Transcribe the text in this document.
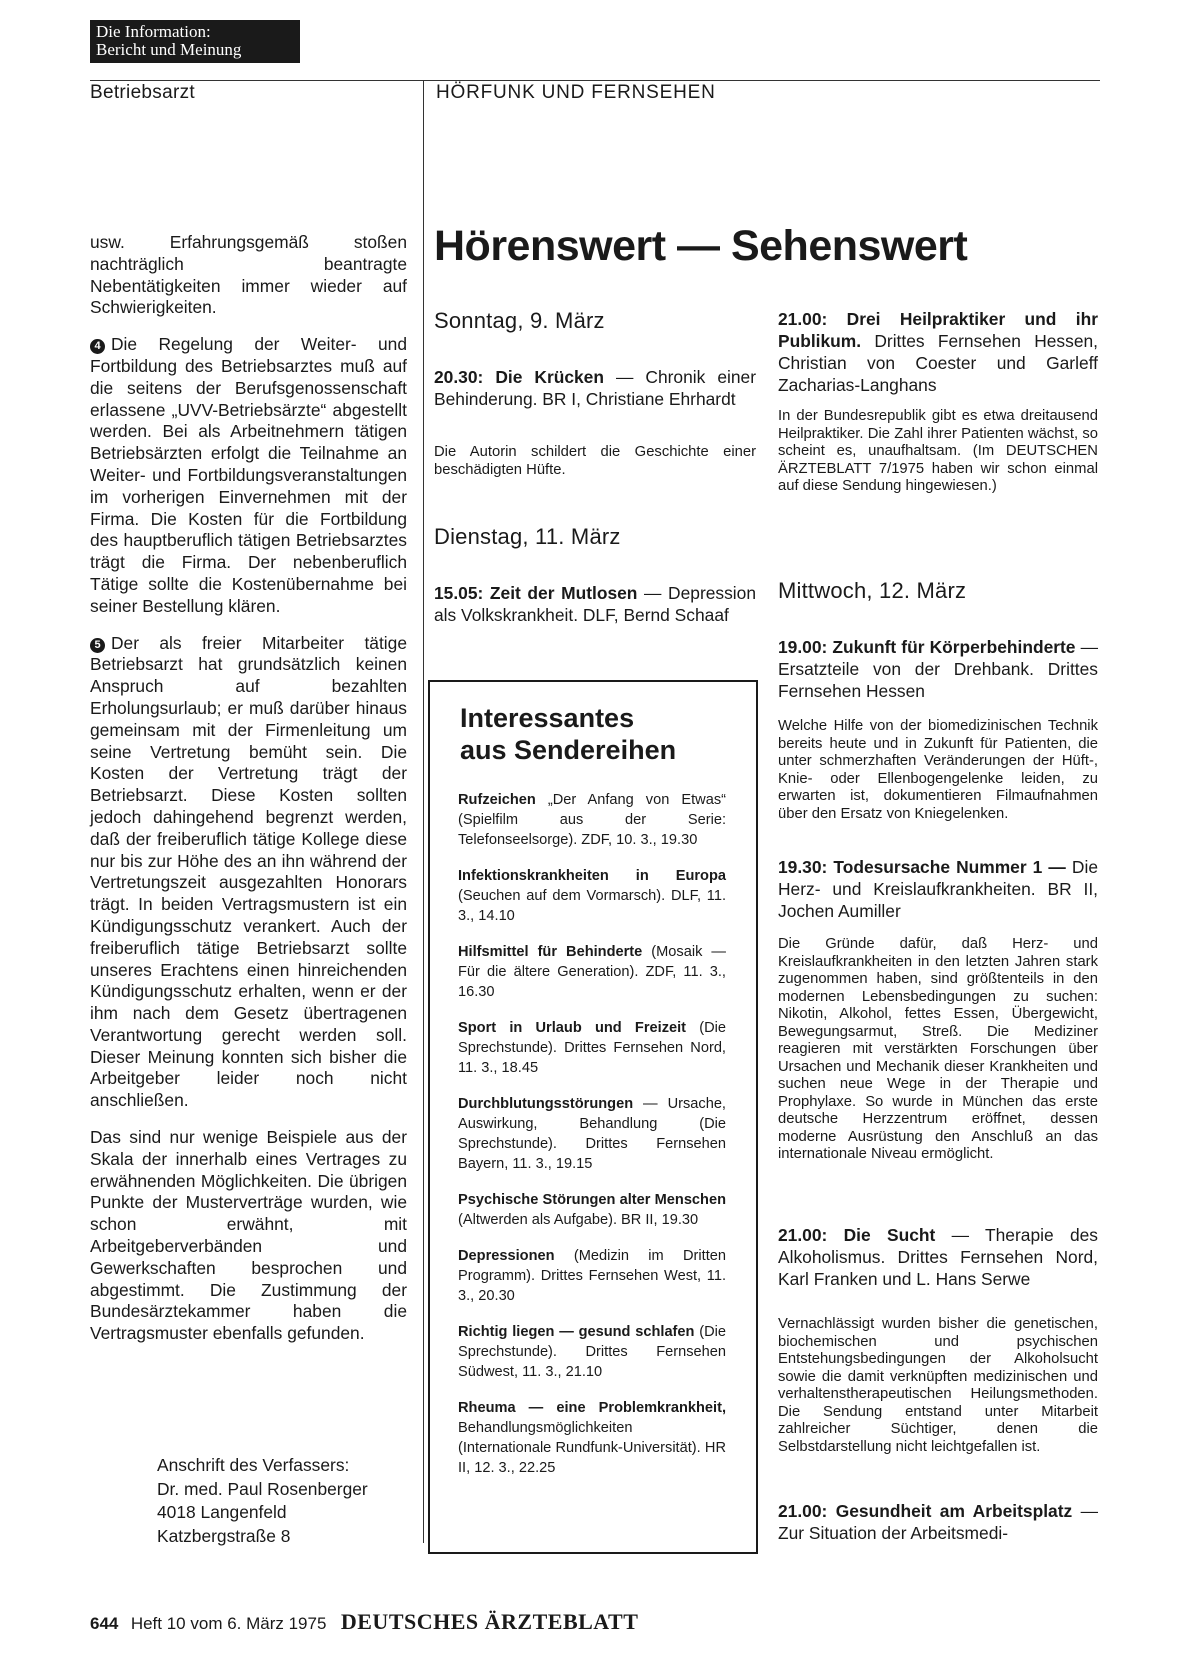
Die Information:
Bericht und Meinung
Betriebsarzt	HÖRFUNK UND FERNSEHEN

usw. Erfahrungsgemäß stoßen nachträglich beantragte Nebentätigkeiten immer wieder auf Schwierigkeiten.

4 Die Regelung der Weiter- und Fortbildung des Betriebsarztes muß auf die seitens der Berufsgenossenschaft erlassene „UVV-Betriebsärzte“ abgestellt werden. Bei als Arbeitnehmern tätigen Betriebsärzten erfolgt die Teilnahme an Weiter- und Fortbildungsveranstaltungen im vorherigen Einvernehmen mit der Firma. Die Kosten für die Fortbildung des hauptberuflich tätigen Betriebsarztes trägt die Firma. Der nebenberuflich Tätige sollte die Kostenübernahme bei seiner Bestellung klären.

5 Der als freier Mitarbeiter tätige Betriebsarzt hat grundsätzlich keinen Anspruch auf bezahlten Erholungsurlaub; er muß darüber hinaus gemeinsam mit der Firmenleitung um seine Vertretung bemüht sein. Die Kosten der Vertretung trägt der Betriebsarzt. Diese Kosten sollten jedoch dahingehend begrenzt werden, daß der freiberuflich tätige Kollege diese nur bis zur Höhe des an ihn während der Vertretungszeit ausgezahlten Honorars trägt. In beiden Vertragsmustern ist ein Kündigungsschutz verankert. Auch der freiberuflich tätige Betriebsarzt sollte unseres Erachtens einen hinreichenden Kündigungsschutz erhalten, wenn er der ihm nach dem Gesetz übertragenen Verantwortung gerecht werden soll. Dieser Meinung konnten sich bisher die Arbeitgeber leider noch nicht anschließen.

Das sind nur wenige Beispiele aus der Skala der innerhalb eines Vertrages zu erwähnenden Möglichkeiten. Die übrigen Punkte der Musterverträge wurden, wie schon erwähnt, mit Arbeitgeberverbänden und Gewerkschaften besprochen und abgestimmt. Die Zustimmung der Bundesärztekammer haben die Vertragsmuster ebenfalls gefunden.

Anschrift des Verfassers:
Dr. med. Paul Rosenberger
4018 Langenfeld
Katzbergstraße 8
Hörenswert — Sehenswert
Sonntag, 9. März
20.30: Die Krücken — Chronik einer Behinderung. BR I, Christiane Ehrhardt
Die Autorin schildert die Geschichte einer beschädigten Hüfte.
Dienstag, 11. März
15.05: Zeit der Mutlosen — Depression als Volkskrankheit. DLF, Bernd Schaaf
Interessantes
aus Sendereihen
Rufzeichen „Der Anfang von Etwas“ (Spielfilm aus der Serie: Telefonseelsorge). ZDF, 10. 3., 19.30
Infektionskrankheiten in Europa (Seuchen auf dem Vormarsch). DLF, 11. 3., 14.10
Hilfsmittel für Behinderte (Mosaik — Für die ältere Generation). ZDF, 11. 3., 16.30
Sport in Urlaub und Freizeit (Die Sprechstunde). Drittes Fernsehen Nord, 11. 3., 18.45
Durchblutungsstörungen — Ursache, Auswirkung, Behandlung (Die Sprechstunde). Drittes Fernsehen Bayern, 11. 3., 19.15
Psychische Störungen alter Menschen (Altwerden als Aufgabe). BR II, 19.30
Depressionen (Medizin im Dritten Programm). Drittes Fernsehen West, 11. 3., 20.30
Richtig liegen — gesund schlafen (Die Sprechstunde). Drittes Fernsehen Südwest, 11. 3., 21.10
Rheuma — eine Problemkrankheit, Behandlungsmöglichkeiten (Internationale Rundfunk-Universität). HR II, 12. 3., 22.25
21.00: Drei Heilpraktiker und ihr Publikum. Drittes Fernsehen Hessen, Christian von Coester und Garleff Zacharias-Langhans
In der Bundesrepublik gibt es etwa dreitausend Heilpraktiker. Die Zahl ihrer Patienten wächst, so scheint es, unaufhaltsam. (Im DEUTSCHEN ÄRZTEBLATT 7/1975 haben wir schon einmal auf diese Sendung hingewiesen.)
Mittwoch, 12. März
19.00: Zukunft für Körperbehinderte — Ersatzteile von der Drehbank. Drittes Fernsehen Hessen
Welche Hilfe von der biomedizinischen Technik bereits heute und in Zukunft für Patienten, die unter schmerzhaften Veränderungen der Hüft-, Knie- oder Ellenbogengelenke leiden, zu erwarten ist, dokumentieren Filmaufnahmen über den Ersatz von Kniegelenken.
19.30: Todesursache Nummer 1 — Die Herz- und Kreislaufkrankheiten. BR II, Jochen Aumiller
Die Gründe dafür, daß Herz- und Kreislaufkrankheiten in den letzten Jahren stark zugenommen haben, sind größtenteils in den modernen Lebensbedingungen zu suchen: Nikotin, Alkohol, fettes Essen, Übergewicht, Bewegungsarmut, Streß. Die Mediziner reagieren mit verstärkten Forschungen über Ursachen und Mechanik dieser Krankheiten und suchen neue Wege in der Therapie und Prophylaxe. So wurde in München das erste deutsche Herzzentrum eröffnet, dessen moderne Ausrüstung den Anschluß an das internationale Niveau ermöglicht.
21.00: Die Sucht — Therapie des Alkoholismus. Drittes Fernsehen Nord, Karl Franken und L. Hans Serwe
Vernachlässigt wurden bisher die genetischen, biochemischen und psychischen Entstehungsbedingungen der Alkoholsucht sowie die damit verknüpften medizinischen und verhaltenstherapeutischen Heilungsmethoden. Die Sendung entstand unter Mitarbeit zahlreicher Süchtiger, denen die Selbstdarstellung nicht leichtgefallen ist.
21.00: Gesundheit am Arbeitsplatz — Zur Situation der Arbeitsmedi-
644 Heft 10 vom 6. März 1975 DEUTSCHES ÄRZTEBLATT
